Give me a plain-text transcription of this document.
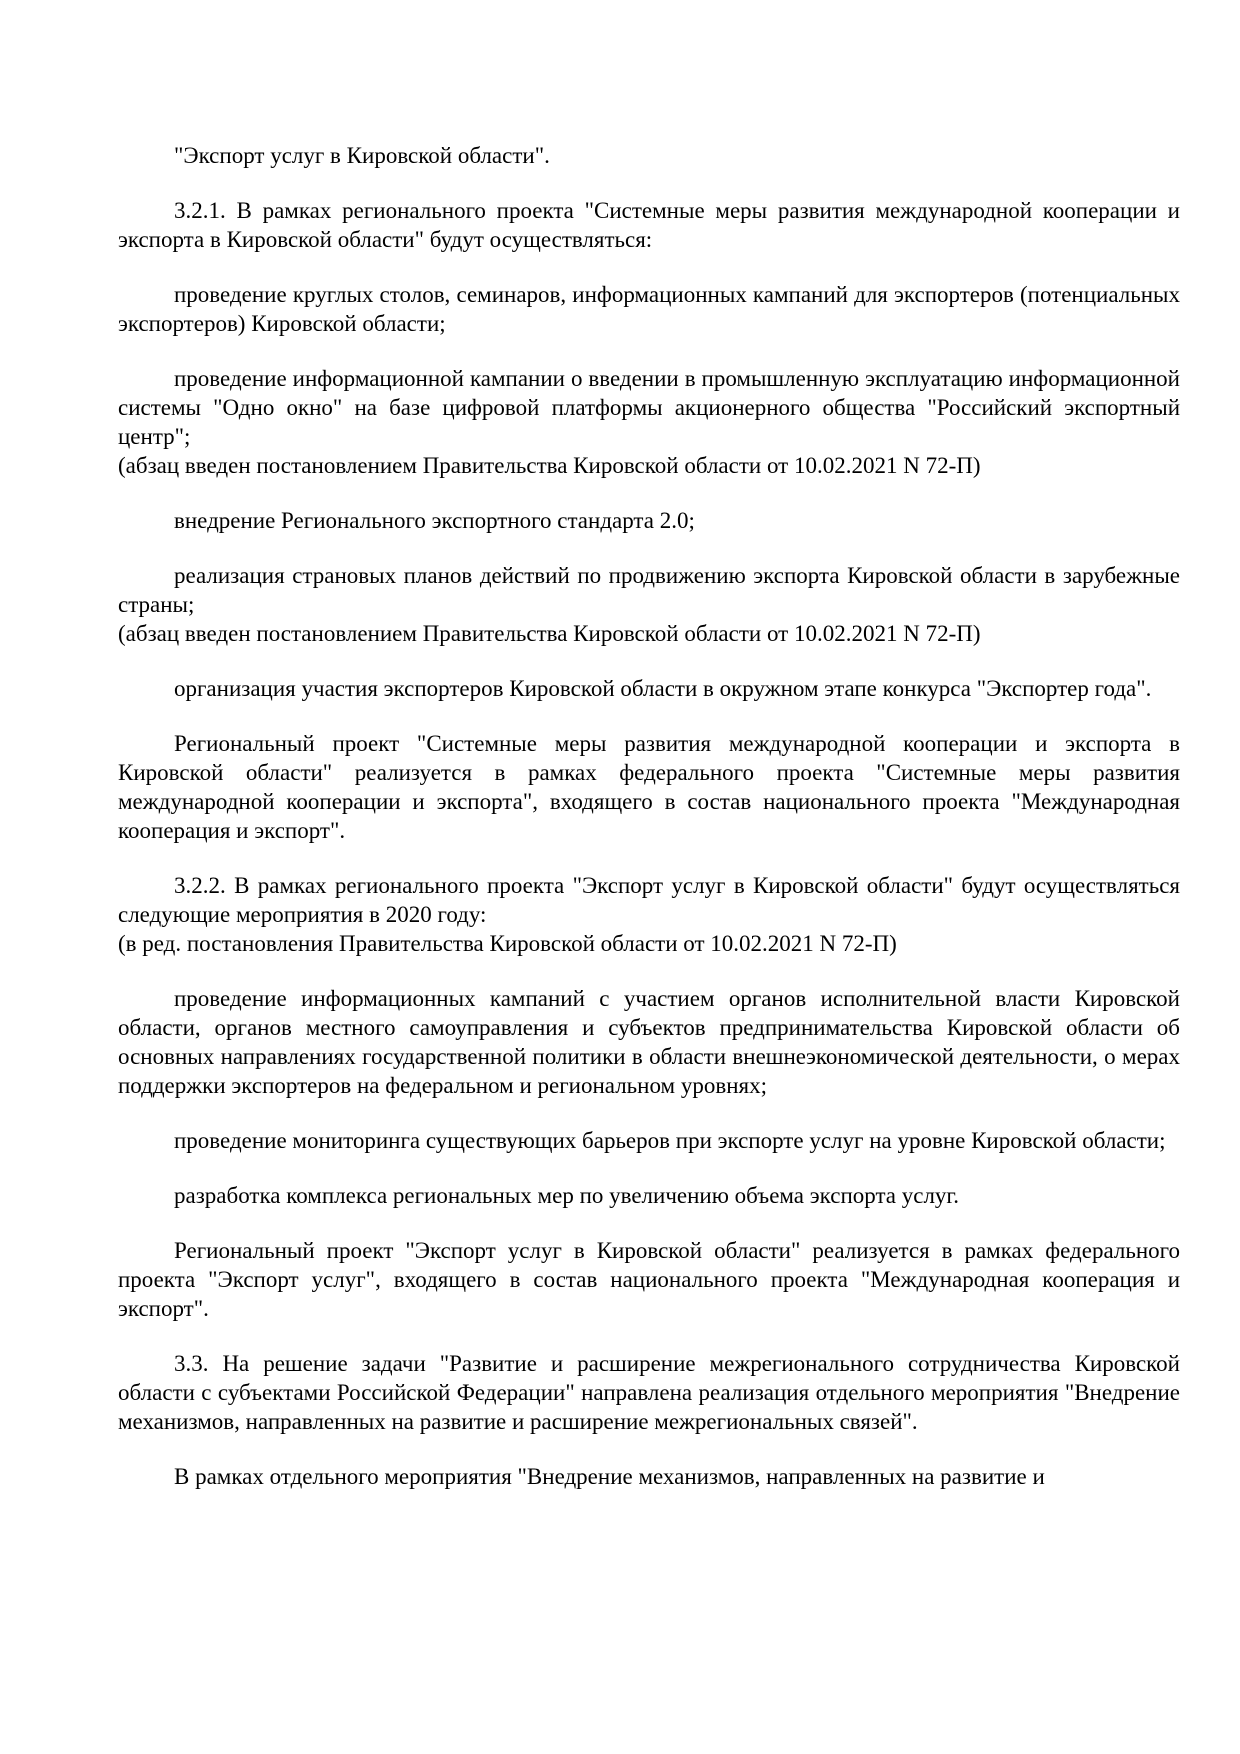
"Экспорт услуг в Кировской области".
3.2.1. В рамках регионального проекта "Системные меры развития международной кооперации и экспорта в Кировской области" будут осуществляться:
проведение круглых столов, семинаров, информационных кампаний для экспортеров (потенциальных экспортеров) Кировской области;
проведение информационной кампании о введении в промышленную эксплуатацию информационной системы "Одно окно" на базе цифровой платформы акционерного общества "Российский экспортный центр";
(абзац введен постановлением Правительства Кировской области от 10.02.2021 N 72-П)
внедрение Регионального экспортного стандарта 2.0;
реализация страновых планов действий по продвижению экспорта Кировской области в зарубежные страны;
(абзац введен постановлением Правительства Кировской области от 10.02.2021 N 72-П)
организация участия экспортеров Кировской области в окружном этапе конкурса "Экспортер года".
Региональный проект "Системные меры развития международной кооперации и экспорта в Кировской области" реализуется в рамках федерального проекта "Системные меры развития международной кооперации и экспорта", входящего в состав национального проекта "Международная кооперация и экспорт".
3.2.2. В рамках регионального проекта "Экспорт услуг в Кировской области" будут осуществляться следующие мероприятия в 2020 году:
(в ред. постановления Правительства Кировской области от 10.02.2021 N 72-П)
проведение информационных кампаний с участием органов исполнительной власти Кировской области, органов местного самоуправления и субъектов предпринимательства Кировской области об основных направлениях государственной политики в области внешнеэкономической деятельности, о мерах поддержки экспортеров на федеральном и региональном уровнях;
проведение мониторинга существующих барьеров при экспорте услуг на уровне Кировской области;
разработка комплекса региональных мер по увеличению объема экспорта услуг.
Региональный проект "Экспорт услуг в Кировской области" реализуется в рамках федерального проекта "Экспорт услуг", входящего в состав национального проекта "Международная кооперация и экспорт".
3.3. На решение задачи "Развитие и расширение межрегионального сотрудничества Кировской области с субъектами Российской Федерации" направлена реализация отдельного мероприятия "Внедрение механизмов, направленных на развитие и расширение межрегиональных связей".
В рамках отдельного мероприятия "Внедрение механизмов, направленных на развитие и
